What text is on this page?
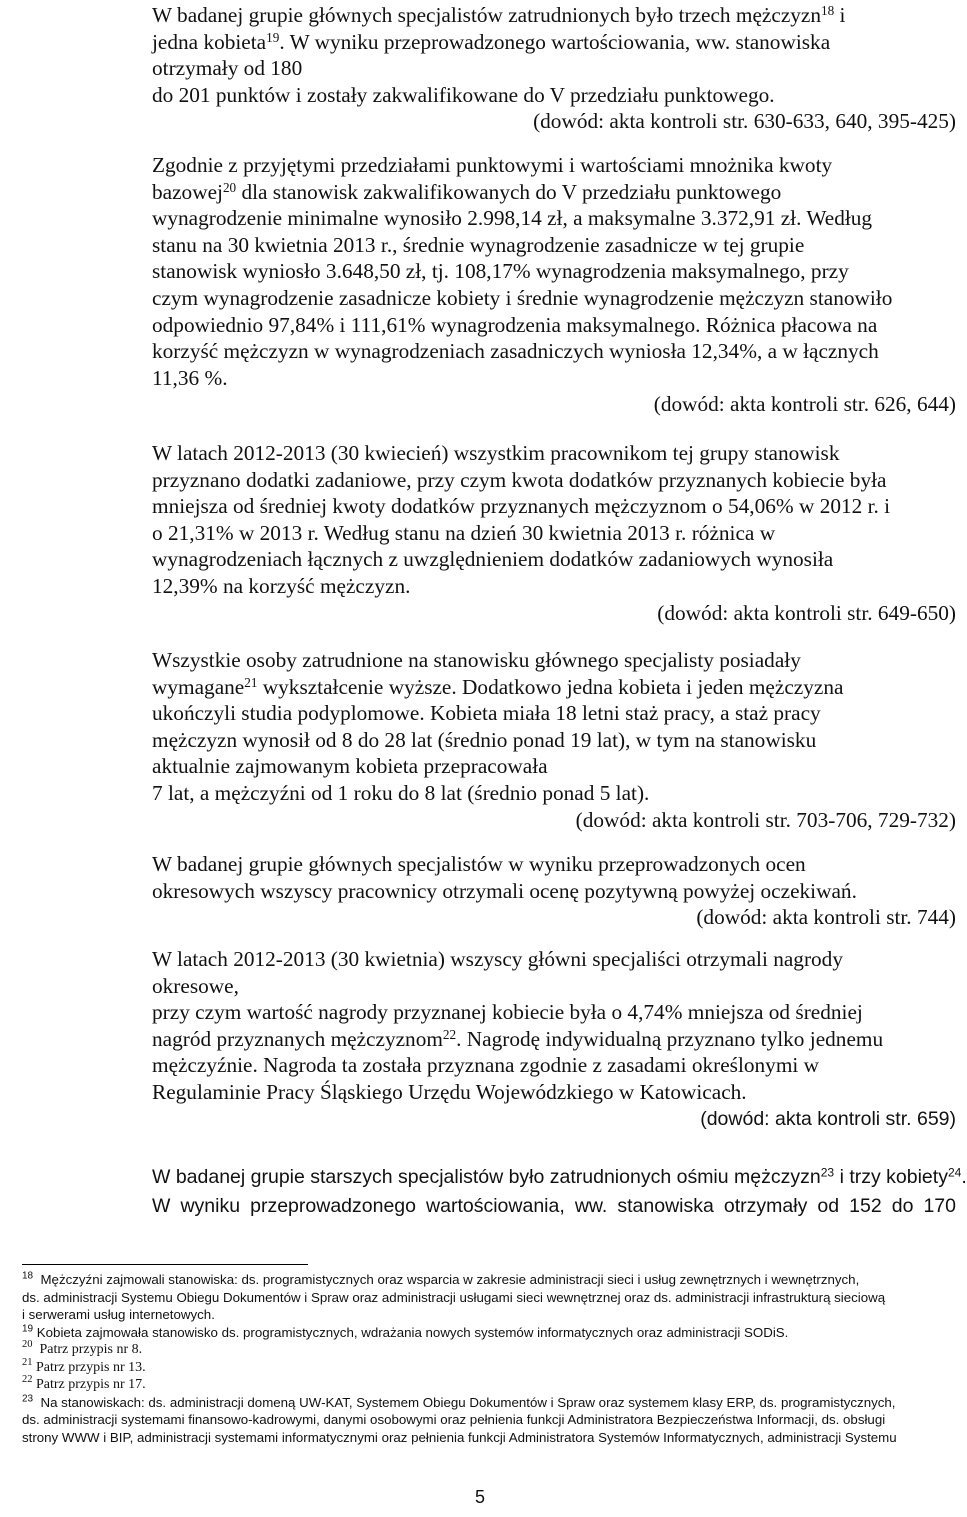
W badanej grupie głównych specjalistów zatrudnionych było trzech mężczyzn$^{18}$ i
jedna kobieta$^{19}$. W wyniku przeprowadzonego wartościowania, ww. stanowiska
otrzymały od 180
do 201 punktów i zostały zakwalifikowane do V przedziału punktowego.
(dowód: akta kontroli str. 630-633, 640, 395-425)
Zgodnie z przyjętymi przedziałami punktowymi i wartościami mnożnika kwoty
bazowej$^{20}$ dla stanowisk zakwalifikowanych do V przedziału punktowego
wynagrodzenie minimalne wynosiło 2.998,14 zł, a maksymalne 3.372,91 zł. Według
stanu na 30 kwietnia 2013 r., średnie wynagrodzenie zasadnicze w tej grupie
stanowisk wyniosło 3.648,50 zł, tj. 108,17% wynagrodzenia maksymalnego, przy
czym wynagrodzenie zasadnicze kobiety i średnie wynagrodzenie mężczyzn stanowiło
odpowiednio 97,84% i 111,61% wynagrodzenia maksymalnego. Różnica płacowa na
korzyść mężczyzn w wynagrodzeniach zasadniczych wyniosła 12,34%, a w łącznych
11,36 %.
(dowód: akta kontroli str. 626, 644)
W latach 2012-2013 (30 kwiecień) wszystkim pracownikom tej grupy stanowisk
przyznano dodatki zadaniowe, przy czym kwota dodatków przyznanych kobiecie była
mniejsza od średniej kwoty dodatków przyznanych mężczyznom o 54,06% w 2012 r. i
o 21,31% w 2013 r. Według stanu na dzień 30 kwietnia 2013 r. różnica w
wynagrodzeniach łącznych z uwzględnieniem dodatków zadaniowych wynosiła
12,39% na korzyść mężczyzn.
(dowód: akta kontroli str. 649-650)
Wszystkie osoby zatrudnione na stanowisku głównego specjalisty posiadały
wymagane$^{21}$ wykształcenie wyższe. Dodatkowo jedna kobieta i jeden mężczyzna
ukończyli studia podyplomowe. Kobieta miała 18 letni staż pracy, a staż pracy
mężczyzn wynosił od 8 do 28 lat (średnio ponad 19 lat), w tym na stanowisku
aktualnie zajmowanym kobieta przepracowała
7 lat, a mężczyźni od 1 roku do 8 lat (średnio ponad 5 lat).
(dowód: akta kontroli str. 703-706, 729-732)
W badanej grupie głównych specjalistów w wyniku przeprowadzonych ocen
okresowych wszyscy pracownicy otrzymali ocenę pozytywną powyżej oczekiwań.
(dowód: akta kontroli str. 744)
W latach 2012-2013 (30 kwietnia) wszyscy główni specjaliści otrzymali nagrody
okresowe,
przy czym wartość nagrody przyznanej kobiecie była o 4,74% mniejsza od średniej
nagród przyznanych mężczyznom$^{22}$. Nagrodę indywidualną przyznano tylko jednemu
mężczyźnie. Nagroda ta została przyznana zgodnie z zasadami określonymi w
Regulaminie Pracy Śląskiego Urzędu Wojewódzkiego w Katowicach.
(dowód: akta kontroli str. 659)
W badanej grupie starszych specjalistów było zatrudnionych ośmiu mężczyzn$^{23}$ i trzy kobiety$^{24}$.
W wyniku przeprowadzonego wartościowania, ww. stanowiska otrzymały od 152 do 170
$^{18}$ Mężczyźni zajmowali stanowiska: ds. programistycznych oraz wsparcia w zakresie administracji sieci i usług zewnętrznych i wewnętrznych,
ds. administracji Systemu Obiegu Dokumentów i Spraw oraz administracji usługami sieci wewnętrznej oraz ds. administracji infrastrukturą sieciową
i serwerami usług internetowych.
$^{19}$ Kobieta zajmowała stanowisko ds. programistycznych, wdrażania nowych systemów informatycznych oraz administracji SODiS.
$^{20}$ Patrz przypis nr 8.
$^{21}$ Patrz przypis nr 13.
$^{22}$ Patrz przypis nr 17.
$^{23}$ Na stanowiskach: ds. administracji domeną UW-KAT, Systemem Obiegu Dokumentów i Spraw oraz systemem klasy ERP, ds. programistycznych,
ds. administracji systemami finansowo-kadrowymi, danymi osobowymi oraz pełnienia funkcji Administratora Bezpieczeństwa Informacji, ds. obsługi
strony WWW i BIP, administracji systemami informatycznymi oraz pełnienia funkcji Administratora Systemów Informatycznych, administracji Systemu
5
